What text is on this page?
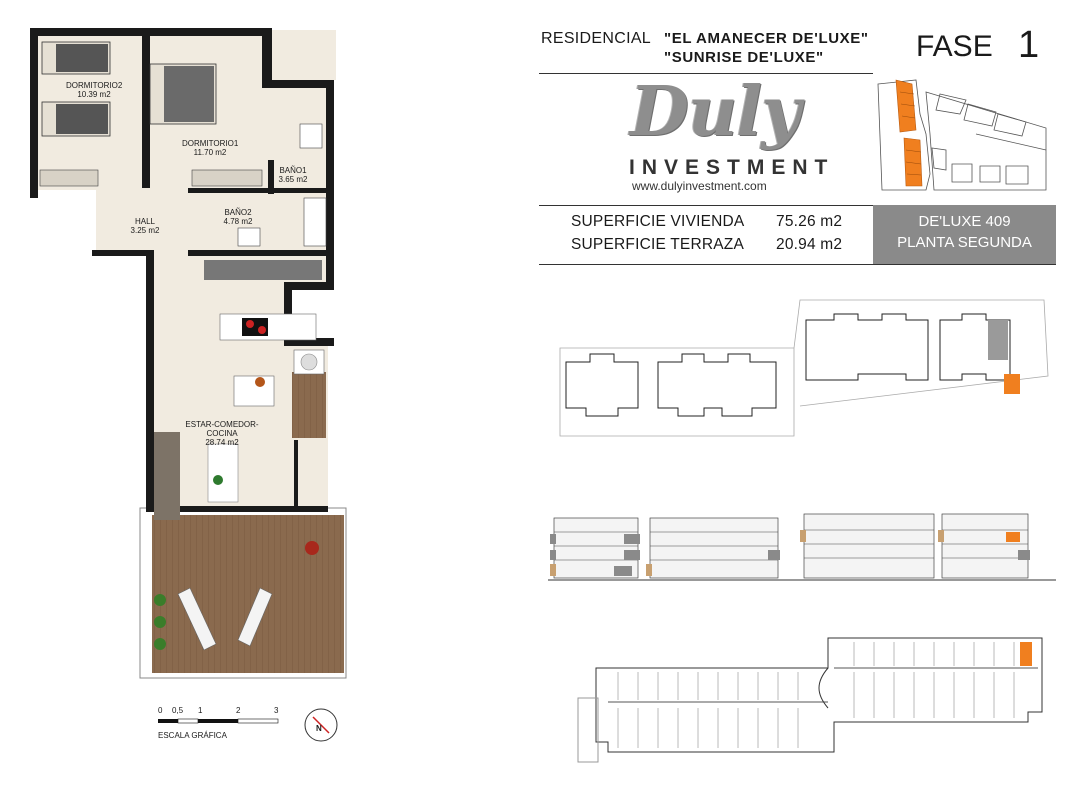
RESIDENCIAL "EL AMANECER DE'LUXE"
"SUNRISE DE'LUXE"	FASE 1
Duly
INVESTMENT
www.dulyinvestment.com
SUPERFICIE VIVIENDA 75.26 m2
SUPERFICIE TERRAZA 20.94 m2
DE'LUXE 409
PLANTA SEGUNDA
DORMITORIO2
10.39 m2
DORMITORIO1
11.70 m2
BAÑO1
3.65 m2
HALL
3.25 m2
BAÑO2
4.78 m2
ESTAR-COMEDOR-COCINA
28.74 m2
0 0,5 1	2	3
ESCALA GRÁFICA
N
